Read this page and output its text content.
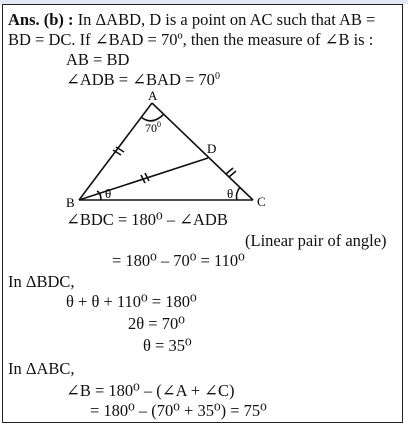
Ans. (b) : In ΔABD, D is a point on AC such that AB =
BD = DC. If ∠BAD = 70º, then the measure of ∠B is :
AB = BD
∠ADB = ∠BAD = $70^0$
A
B	C
D
$70^0$
θ	θ
∠BDC = 180⁰ – ∠ADB
(Linear pair of angle)
= 180⁰ – 70⁰ = 110⁰
In ΔBDC,
θ + θ + 110⁰ = 180⁰
2θ = 70⁰
θ = 35⁰
In ΔABC,
∠B = 180⁰ – (∠A + ∠C)
= 180⁰ – (70⁰ + 35⁰) = 75⁰
